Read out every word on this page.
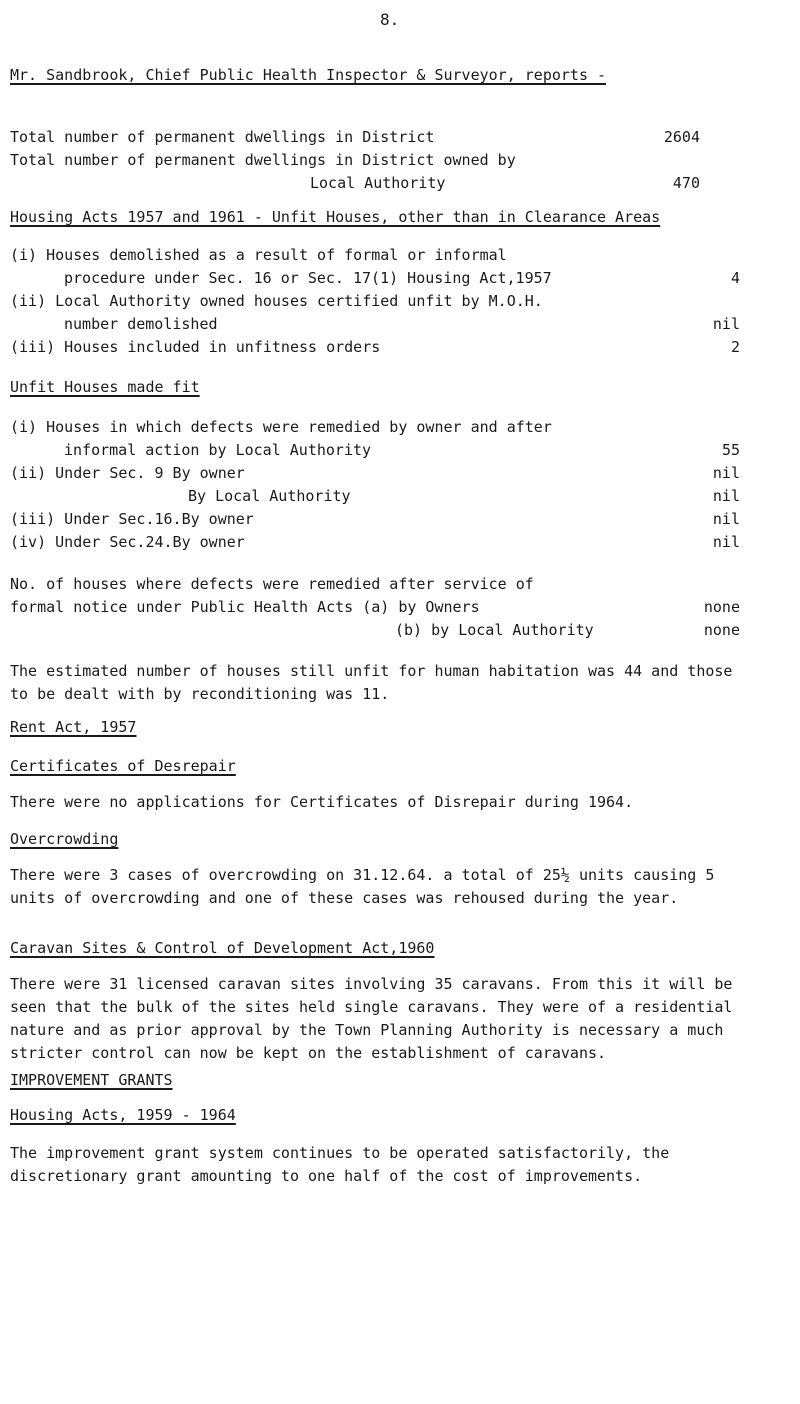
8.
Mr. Sandbrook, Chief Public Health Inspector & Surveyor, reports -
Total number of permanent dwellings in District	2604
Total number of permanent dwellings in District owned by
Local Authority	470
Housing Acts 1957 and 1961 - Unfit Houses, other than in Clearance Areas
(i) Houses demolished as a result of formal or informal
procedure under Sec. 16 or Sec. 17(1) Housing Act,1957	4
(ii) Local Authority owned houses certified unfit by M.O.H.
number demolished	nil
(iii) Houses included in unfitness orders	2
Unfit Houses made fit
(i) Houses in which defects were remedied by owner and after
informal action by Local Authority	55
(ii) Under Sec. 9 By owner	nil
By Local Authority	nil
(iii) Under Sec.16.By owner	nil
(iv) Under Sec.24.By owner	nil
No. of houses where defects were remedied after service of
formal notice under Public Health Acts (a) by Owners	none
(b) by Local Authority	none
The estimated number of houses still unfit for human habitation was 44 and those to be dealt with by reconditioning was 11.
Rent Act, 1957
Certificates of Desrepair
There were no applications for Certificates of Disrepair during 1964.
Overcrowding
There were 3 cases of overcrowding on 31.12.64. a total of 25½ units causing 5 units of overcrowding and one of these cases was rehoused during the year.
Caravan Sites & Control of Development Act,1960
There were 31 licensed caravan sites involving 35 caravans. From this it will be seen that the bulk of the sites held single caravans. They were of a residential nature and as prior approval by the Town Planning Authority is necessary a much stricter control can now be kept on the establishment of caravans.
IMPROVEMENT GRANTS
Housing Acts, 1959 - 1964
The improvement grant system continues to be operated satisfactorily, the discretionary grant amounting to one half of the cost of improvements.
